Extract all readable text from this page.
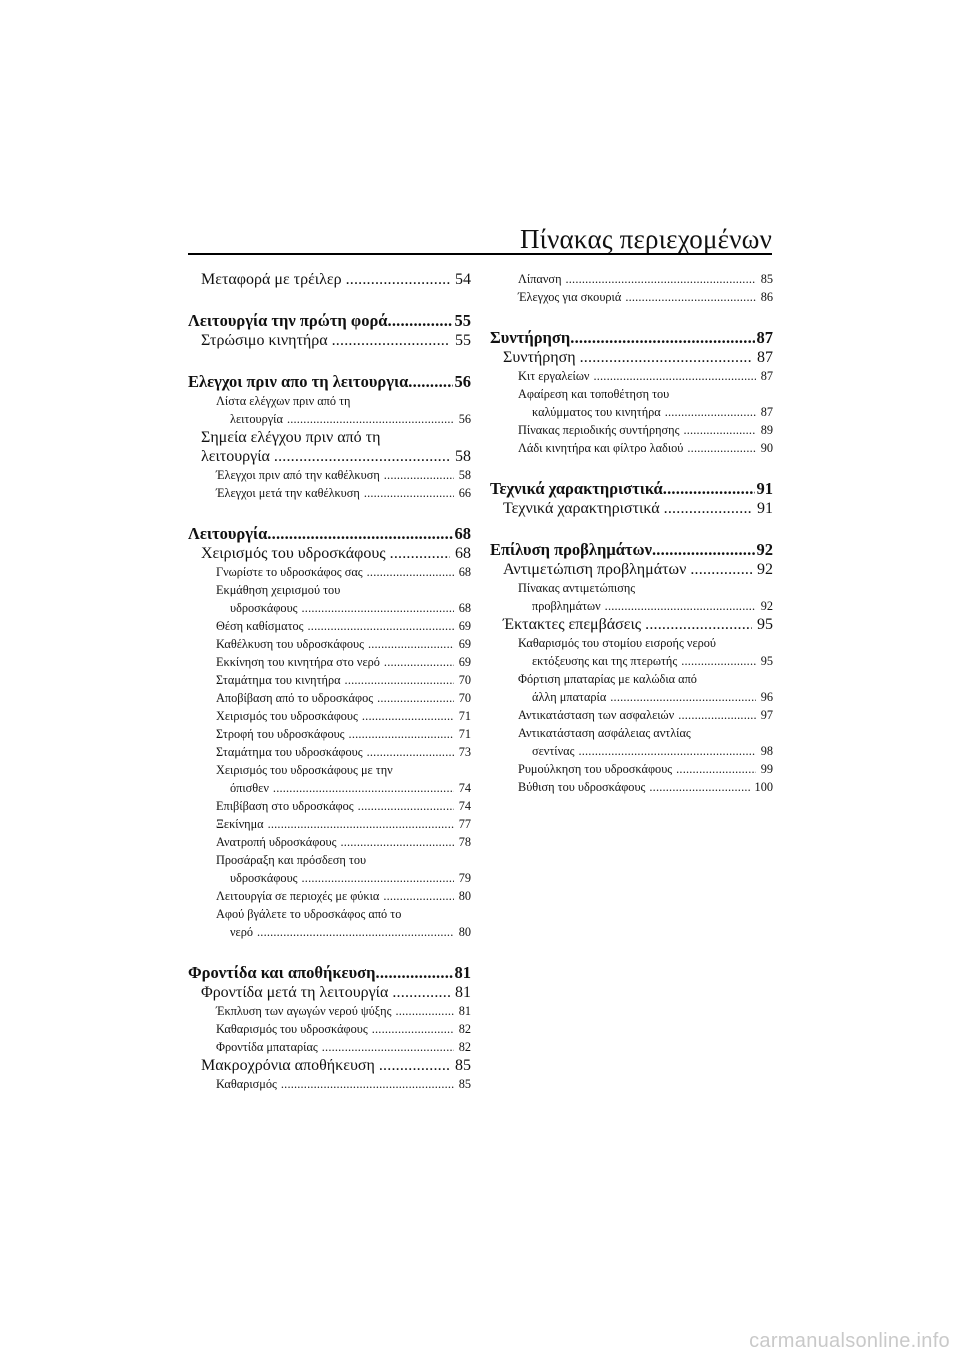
Πίνακας περιεχομένων
Μεταφορά με τρέιλερ .....	54
Λειτουργία την πρώτη φορά .....	55
Στρώσιμο κινητήρα .....	55
Ελεγχοι πριν απο τη λειτουργια .....	56
Λίστα ελέγχων πριν από τη
λειτουργία .....	56
Σημεία ελέγχου πριν από τη
λειτουργία .....	58
Έλεγχοι πριν από την καθέλκυση .....	58
Έλεγχοι μετά την καθέλκυση .....	66
Λειτουργία .....	68
Χειρισμός του υδροσκάφους .....	68
Γνωρίστε το υδροσκάφος σας .....	68
Εκμάθηση χειρισμού του
υδροσκάφους .....	68
Θέση καθίσματος .....	69
Καθέλκυση του υδροσκάφους .....	69
Εκκίνηση του κινητήρα στο νερό .....	69
Σταμάτημα του κινητήρα .....	70
Αποβίβαση από το υδροσκάφος .....	70
Χειρισμός του υδροσκάφους .....	71
Στροφή του υδροσκάφους .....	71
Σταμάτημα του υδροσκάφους .....	73
Χειρισμός του υδροσκάφους με την
όπισθεν .....	74
Επιβίβαση στο υδροσκάφος .....	74
Ξεκίνημα .....	77
Ανατροπή υδροσκάφους .....	78
Προσάραξη και πρόσδεση του
υδροσκάφους .....	79
Λειτουργία σε περιοχές με φύκια .....	80
Αφού βγάλετε το υδροσκάφος από το
νερό .....	80
Φροντίδα και αποθήκευση .....	81
Φροντίδα μετά τη λειτουργία .....	81
Έκπλυση των αγωγών νερού ψύξης .....	81
Καθαρισμός του υδροσκάφους .....	82
Φροντίδα μπαταρίας .....	82
Μακροχρόνια αποθήκευση .....	85
Καθαρισμός .....	85
Λίπανση .....	85
Έλεγχος για σκουριά .....	86
Συντήρηση .....	87
Συντήρηση .....	87
Κιτ εργαλείων .....	87
Αφαίρεση και τοποθέτηση του
καλύμματος του κινητήρα .....	87
Πίνακας περιοδικής συντήρησης .....	89
Λάδι κινητήρα και φίλτρο λαδιού .....	90
Τεχνικά χαρακτηριστικά .....	91
Τεχνικά χαρακτηριστικά .....	91
Επίλυση προβλημάτων .....	92
Αντιμετώπιση προβλημάτων .....	92
Πίνακας αντιμετώπισης
προβλημάτων .....	92
Έκτακτες επεμβάσεις .....	95
Καθαρισμός του στομίου εισροής νερού
εκτόξευσης και της πτερωτής .....	95
Φόρτιση μπαταρίας με καλώδια από
άλλη μπαταρία .....	96
Αντικατάσταση των ασφαλειών .....	97
Αντικατάσταση ασφάλειας αντλίας
σεντίνας .....	98
Ρυμούλκηση του υδροσκάφους .....	99
Βύθιση του υδροσκάφους .....	100
carmanualsonline.info
